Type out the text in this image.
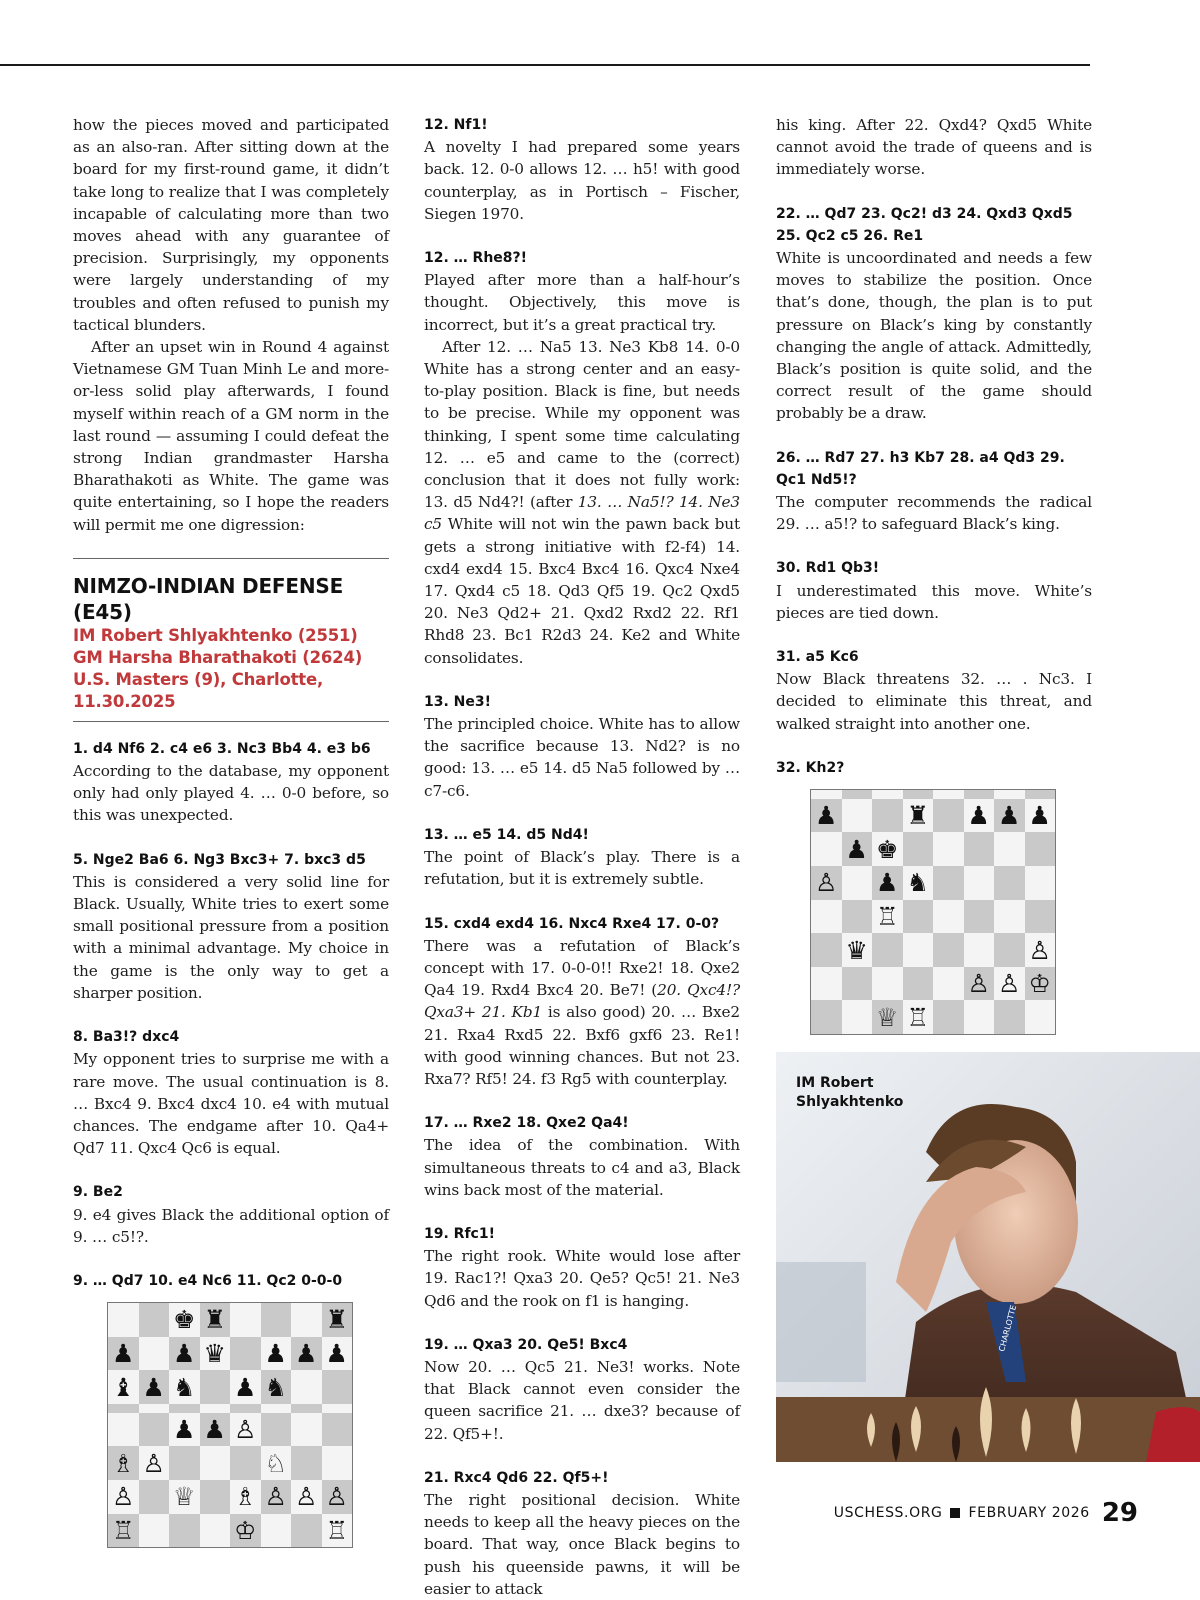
how the pieces moved and participated as an also-ran. After sitting down at the board for my first-round game, it didn’t take long to realize that I was completely incapable of calculating more than two moves ahead with any guarantee of precision. Surprisingly, my opponents were largely understanding of my troubles and often refused to punish my tactical blunders.

After an upset win in Round 4 against Vietnamese GM Tuan Minh Le and more-or-less solid play afterwards, I found myself within reach of a GM norm in the last round — assuming I could defeat the strong Indian grandmaster Harsha Bharathakoti as White. The game was quite entertaining, so I hope the readers will permit me one digression:

NIMZO-INDIAN DEFENSE (E45)

IM Robert Shlyakhtenko (2551)

GM Harsha Bharathakoti (2624)

U.S. Masters (9), Charlotte, 11.30.2025

1. d4 Nf6 2. c4 e6 3. Nc3 Bb4 4. e3 b6

According to the database, my opponent only had only played 4. … 0-0 before, so this was unexpected.

5. Nge2 Ba6 6. Ng3 Bxc3+ 7. bxc3 d5

This is considered a very solid line for Black. Usually, White tries to exert some small positional pressure from a position with a minimal advantage. My choice in the game is the only way to get a sharper position.

8. Ba3!? dxc4

My opponent tries to surprise me with a rare move. The usual continuation is 8. … Bxc4 9. Bxc4 dxc4 10. e4 with mutual chances. The endgame after 10. Qa4+ Qd7 11. Qxc4 Qc6 is equal.

9. Be2

9. e4 gives Black the additional option of 9. … c5!?.

9. … Qd7 10. e4 Nc6 11. Qc2 0-0-0

♚ ♜	♜
♟ ♟ ♛ ♟ ♟ ♟
♝ ♟ ♞ ♟ ♞
♟ ♟ ♙
♗ ♙	♘
♙ ♕ ♗ ♙ ♙ ♙
♖	♔	♖

12. Nf1!

A novelty I had prepared some years back. 12. 0-0 allows 12. … h5! with good counterplay, as in Portisch – Fischer, Siegen 1970.

12. … Rhe8?!

Played after more than a half-hour’s thought. Objectively, this move is incorrect, but it’s a great practical try.

After 12. … Na5 13. Ne3 Kb8 14. 0-0 White has a strong center and an easy-to-play position. Black is fine, but needs to be precise. While my opponent was thinking, I spent some time calculating 12. … e5 and came to the (correct) conclusion that it does not fully work: 13. d5 Nd4?! (after 13. … Na5!? 14. Ne3 c5 White will not win the pawn back but gets a strong initiative with f2-f4) 14. cxd4 exd4 15. Bxc4 Bxc4 16. Qxc4 Nxe4 17. Qxd4 c5 18. Qd3 Qf5 19. Qc2 Qxd5 20. Ne3 Qd2+ 21. Qxd2 Rxd2 22. Rf1 Rhd8 23. Bc1 R2d3 24. Ke2 and White consolidates.

13. Ne3!

The principled choice. White has to allow the sacrifice because 13. Nd2? is no good: 13. … e5 14. d5 Na5 followed by … c7-c6.

13. … e5 14. d5 Nd4!

The point of Black’s play. There is a refutation, but it is extremely subtle.

15. cxd4 exd4 16. Nxc4 Rxe4 17. 0-0?

There was a refutation of Black’s concept with 17. 0-0-0!! Rxe2! 18. Qxe2 Qa4 19. Rxd4 Bxc4 20. Be7! (20. Qxc4!? Qxa3+ 21. Kb1 is also good) 20. … Bxe2 21. Rxa4 Rxd5 22. Bxf6 gxf6 23. Re1! with good winning chances. But not 23. Rxa7? Rf5! 24. f3 Rg5 with counterplay.

17. … Rxe2 18. Qxe2 Qa4!

The idea of the combination. With simultaneous threats to c4 and a3, Black wins back most of the material.

19. Rfc1!

The right rook. White would lose after 19. Rac1?! Qxa3 20. Qe5? Qc5! 21. Ne3 Qd6 and the rook on f1 is hanging.

19. … Qxa3 20. Qe5! Bxc4

Now 20. … Qc5 21. Ne3! works. Note that Black cannot even consider the queen sacrifice 21. … dxe3? because of 22. Qf5+!.

21. Rxc4 Qd6 22. Qf5+!

The right positional decision. White needs to keep all the heavy pieces on the board. That way, once Black begins to push his queenside pawns, it will be easier to attack

his king. After 22. Qxd4? Qxd5 White cannot avoid the trade of queens and is immediately worse.

22. … Qd7 23. Qc2! d3 24. Qxd3 Qxd5 25. Qc2 c5 26. Re1

White is uncoordinated and needs a few moves to stabilize the position. Once that’s done, though, the plan is to put pressure on Black’s king by constantly changing the angle of attack. Admittedly, Black’s position is quite solid, and the correct result of the game should probably be a draw.

26. … Rd7 27. h3 Kb7 28. a4 Qd3 29. Qc1 Nd5!?

The computer recommends the radical 29. … a5!? to safeguard Black’s king.

30. Rd1 Qb3!

I underestimated this move. White’s pieces are tied down.

31. a5 Kc6

Now Black threatens 32. … . Nc3. I decided to eliminate this threat, and walked straight into another one.

32. Kh2?

♟	♜ ♟ ♟ ♟
♟ ♚
♙ ♟ ♞
♖
♛	♙
♙ ♙ ♔
♕ ♖
CHARLOTTE
IM Robert
Shlyakhtenko
USCHESS.ORG FEBRUARY 2026 29
